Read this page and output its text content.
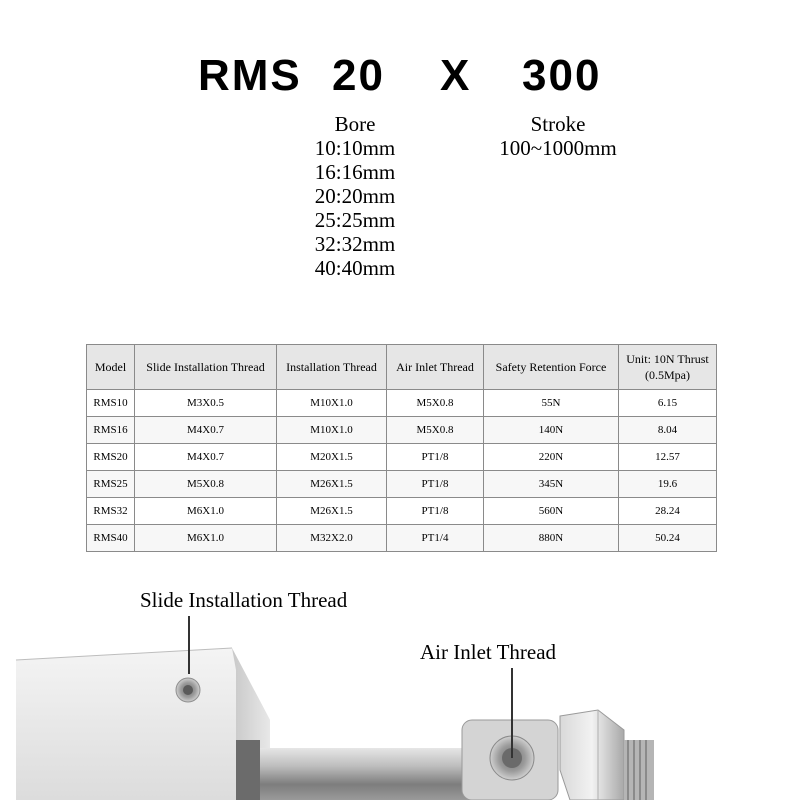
RMS 20 X 300
Bore
10:10mm
16:16mm
20:20mm
25:25mm
32:32mm
40:40mm
Stroke
100~1000mm
Model	Slide Installation Thread	Installation Thread	Air Inlet Thread	Safety Retention Force	Unit: 10N Thrust (0.5Mpa)
RMS10	M3X0.5	M10X1.0	M5X0.8	55N	6.15
RMS16	M4X0.7	M10X1.0	M5X0.8	140N	8.04
RMS20	M4X0.7	M20X1.5	PT1/8	220N	12.57
RMS25	M5X0.8	M26X1.5	PT1/8	345N	19.6
RMS32	M6X1.0	M26X1.5	PT1/8	560N	28.24
RMS40	M6X1.0	M32X2.0	PT1/4	880N	50.24
Slide Installation Thread
Air Inlet Thread
